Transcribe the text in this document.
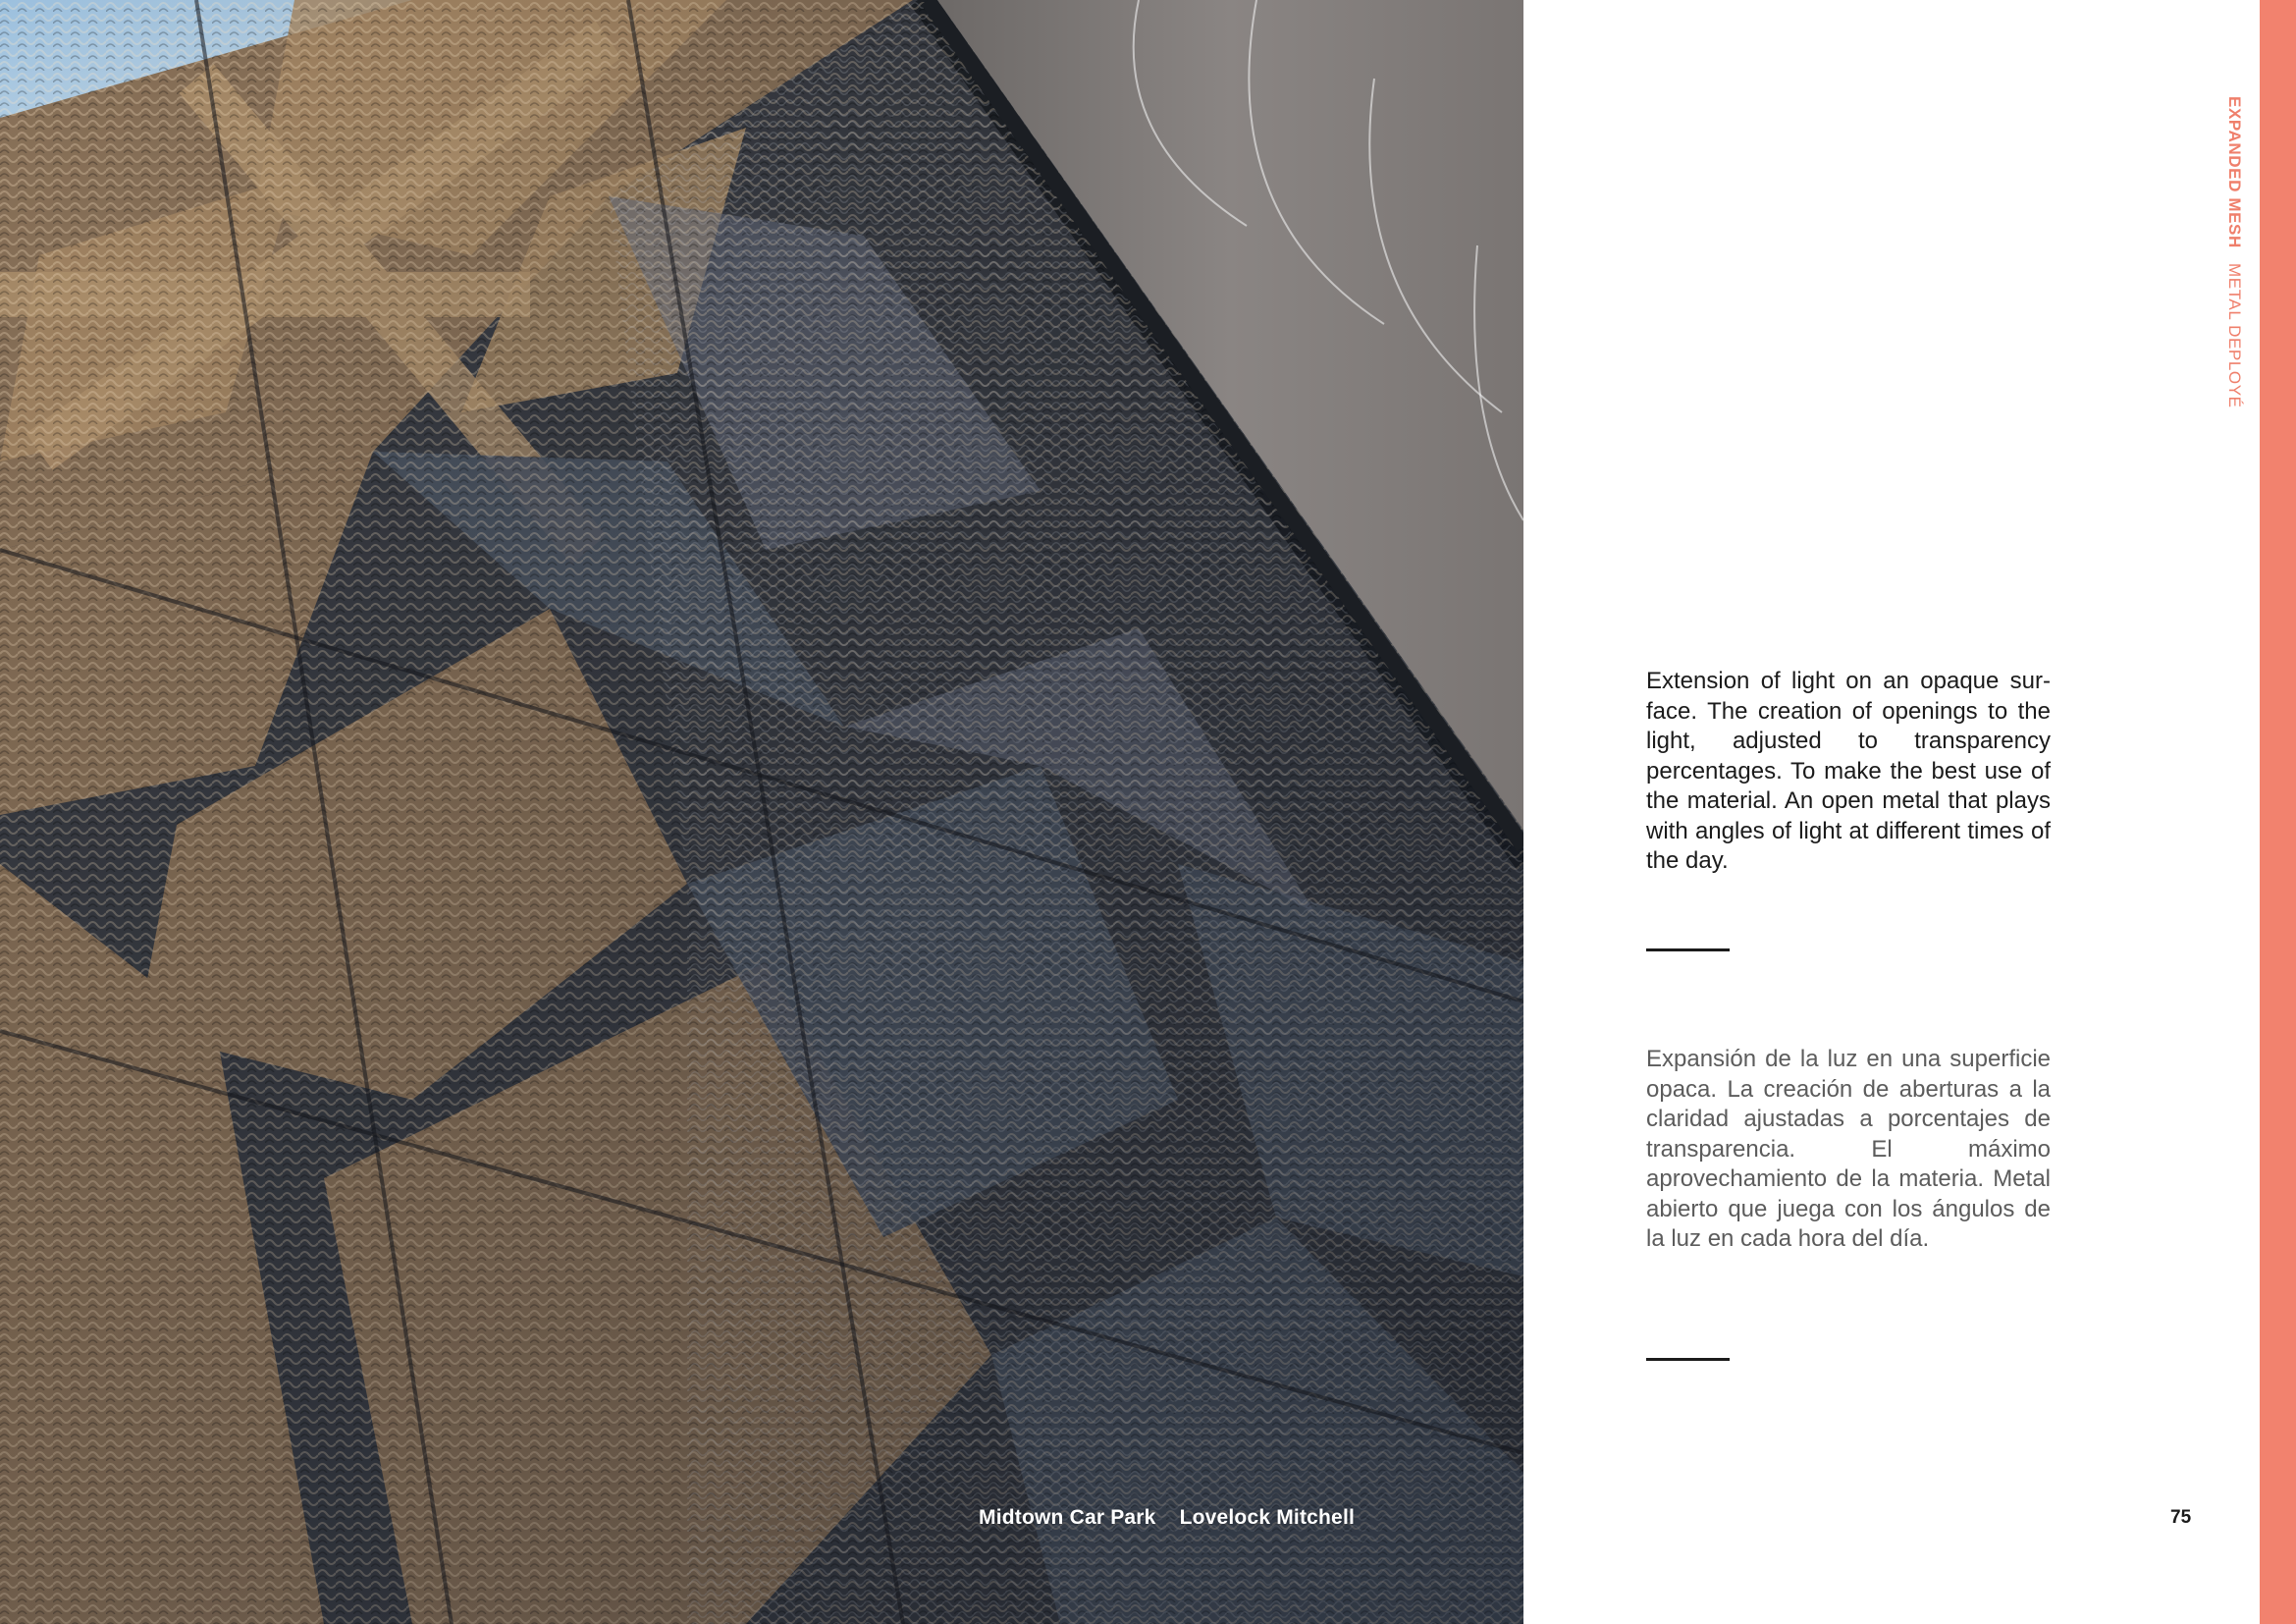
Midtown Car Park Lovelock Mitchell

Extension of light on an opaque surface. The creation of openings to the light, adjusted to transparency percentages. To make the best use of the material. An open metal that plays with angles of light at different times of the day.

Expansión de la luz en una superficie opaca. La creación de aberturas a la claridad ajustadas a porcentajes de transparencia. El máximo aprovechamiento de la materia. Metal abierto que juega con los ángulos de la luz en cada hora del día.

75
EXPANDED MESH METAL DEPLOYÉ
